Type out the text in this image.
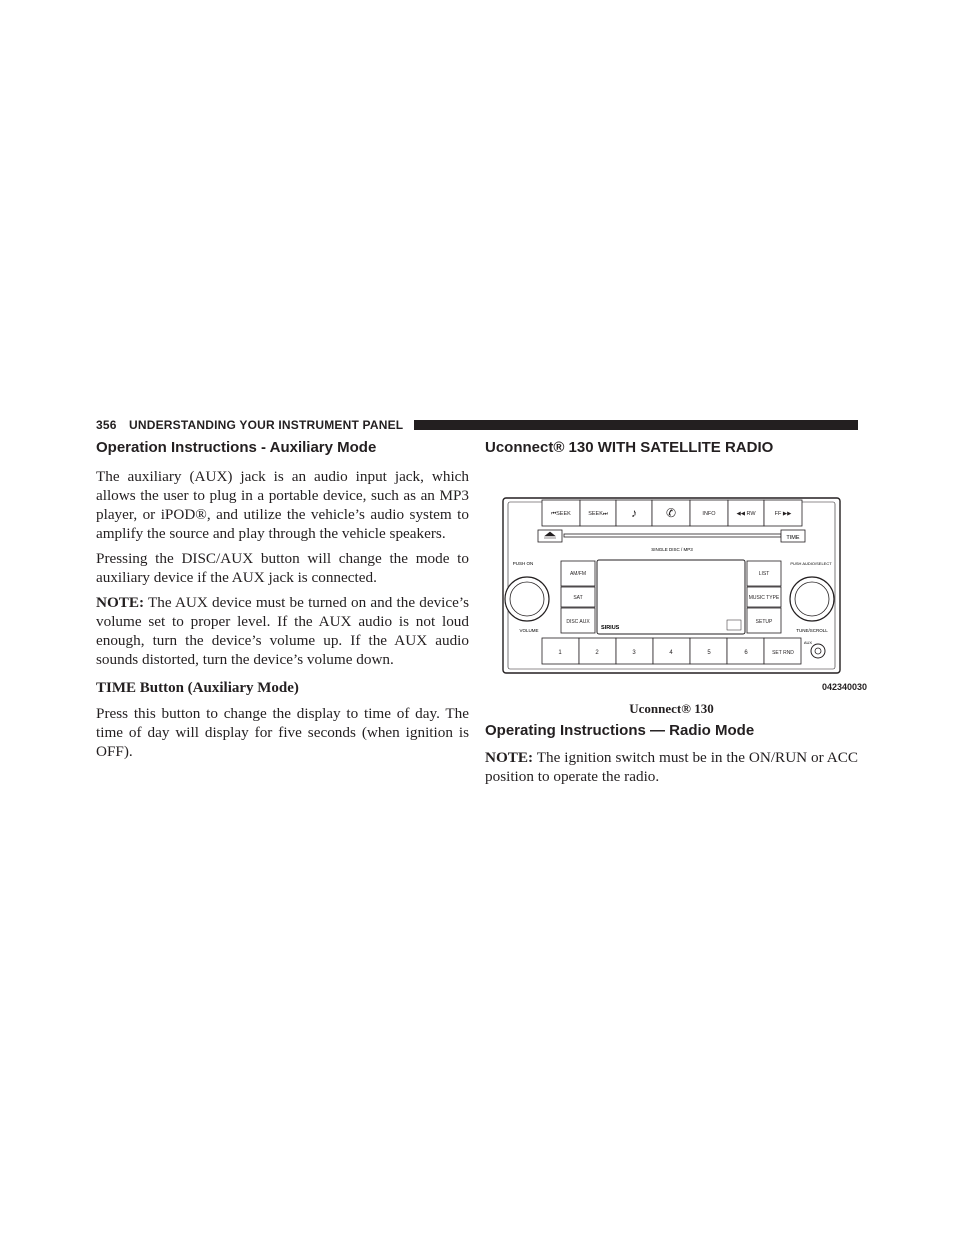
356 UNDERSTANDING YOUR INSTRUMENT PANEL
Operation Instructions - Auxiliary Mode

The auxiliary (AUX) jack is an audio input jack, which allows the user to plug in a portable device, such as an MP3 player, or iPOD®, and utilize the vehicle’s audio system to amplify the source and play through the vehicle speakers.

Pressing the DISC/AUX button will change the mode to auxiliary device if the AUX jack is connected.

NOTE: The AUX device must be turned on and the device’s volume set to proper level. If the AUX audio is not loud enough, turn the device’s volume up. If the AUX audio sounds distorted, turn the device’s volume down.

TIME Button (Auxiliary Mode)

Press this button to change the display to time of day. The time of day will display for five seconds (when ignition is OFF).

Uconnect® 130 WITH SATELLITE RADIO
⏮SEEK	SEEK⏭ ♪ ✆	INFO	◀◀ RW	FF ▶▶
TIME
SINGLE DISC / MP3
PUSH ON
VOLUME
AM/FM
SAT
DISC AUX
SIRIUS
LIST
MUSIC TYPE
SETUP
PUSH AUDIO/SELECT
TUNE/SCROLL
1	2	3	4	5	6	SET RND
AUX
042340030
Uconnect® 130
Operating Instructions — Radio Mode

NOTE: The ignition switch must be in the ON/RUN or ACC position to operate the radio.
